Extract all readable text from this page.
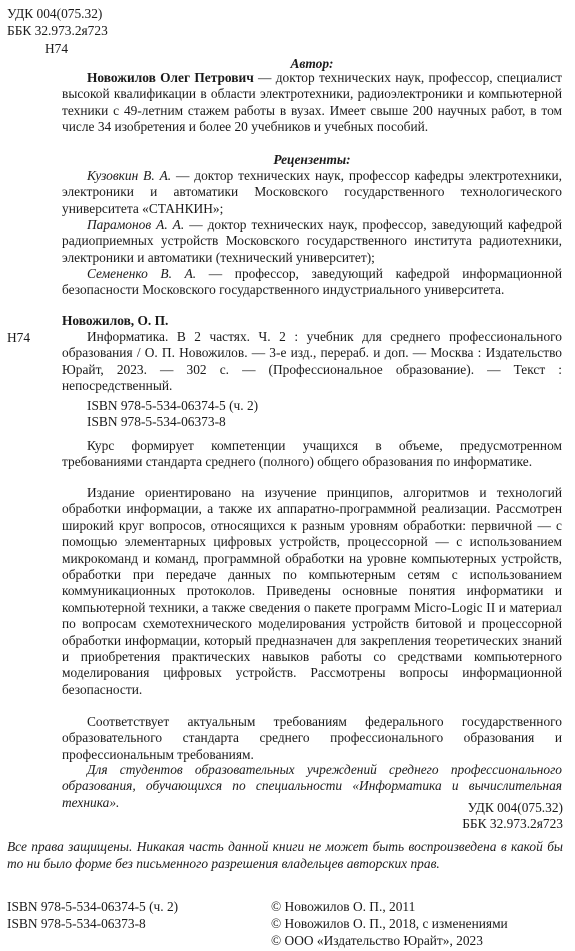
УДК 004(075.32)
ББК 32.973.2я723
Н74
Автор:

Новожилов Олег Петрович — доктор технических наук, профессор, специалист высокой квалификации в области электротехники, радиоэлектроники и компьютерной техники с 49-летним стажем работы в вузах. Имеет свыше 200 научных работ, в том числе 34 изобретения и более 20 учебников и учебных пособий.

Рецензенты:

Кузовкин В. А. — доктор технических наук, профессор кафедры электротехники, электроники и автоматики Московского государственного технологического университета «СТАНКИН»;

Парамонов А. А. — доктор технических наук, профессор, заведующий кафедрой радиоприемных устройств Московского государственного института радиотехники, электроники и автоматики (технический университет);

Семененко В. А. — профессор, заведующий кафедрой информационной безопасности Московского государственного индустриального университета.

Новожилов, О. П.
Н74	Информатика. В 2 частях. Ч. 2 : учебник для среднего профессионального образования / О. П. Новожилов. — 3-е изд., перераб. и доп. — Москва : Издательство Юрайт, 2023. — 302 с. — (Профессиональное образование). — Текст : непосредственный.

ISBN 978-5-534-06374-5 (ч. 2)
ISBN 978-5-534-06373-8

Курс формирует компетенции учащихся в объеме, предусмотренном требованиями стандарта среднего (полного) общего образования по информатике.

Издание ориентировано на изучение принципов, алгоритмов и технологий обработки информации, а также их аппаратно-программной реализации. Рассмотрен широкий круг вопросов, относящихся к разным уровням обработки: первичной — с помощью элементарных цифровых устройств, процессорной — с использованием микрокоманд и команд, программной обработки на уровне компьютерных устройств, обработки при передаче данных по компьютерным сетям с использованием коммуникационных протоколов. Приведены основные понятия информатики и компьютерной техники, а также сведения о пакете программ Micro-Logic II и материал по вопросам схемотехнического моделирования устройств битовой и процессорной обработки информации, который предназначен для закрепления теоретических знаний и приобретения практических навыков работы со средствами компьютерного моделирования цифровых устройств. Рассмотрены вопросы информационной безопасности.

Соответствует актуальным требованиям федерального государственного образовательного стандарта среднего профессионального образования и профессиональным требованиям.

Для студентов образовательных учреждений среднего профессионального образования, обучающихся по специальности «Информатика и вычислительная техника».	УДК 004(075.32)
ББК 32.973.2я723

Все права защищены. Никакая часть данной книги не может быть воспроизведена в какой бы то ни было форме без письменного разрешения владельцев авторских прав.

ISBN 978-5-534-06374-5 (ч. 2)
ISBN 978-5-534-06373-8
© Новожилов О. П., 2011
© Новожилов О. П., 2018, с изменениями
© ООО «Издательство Юрайт», 2023
